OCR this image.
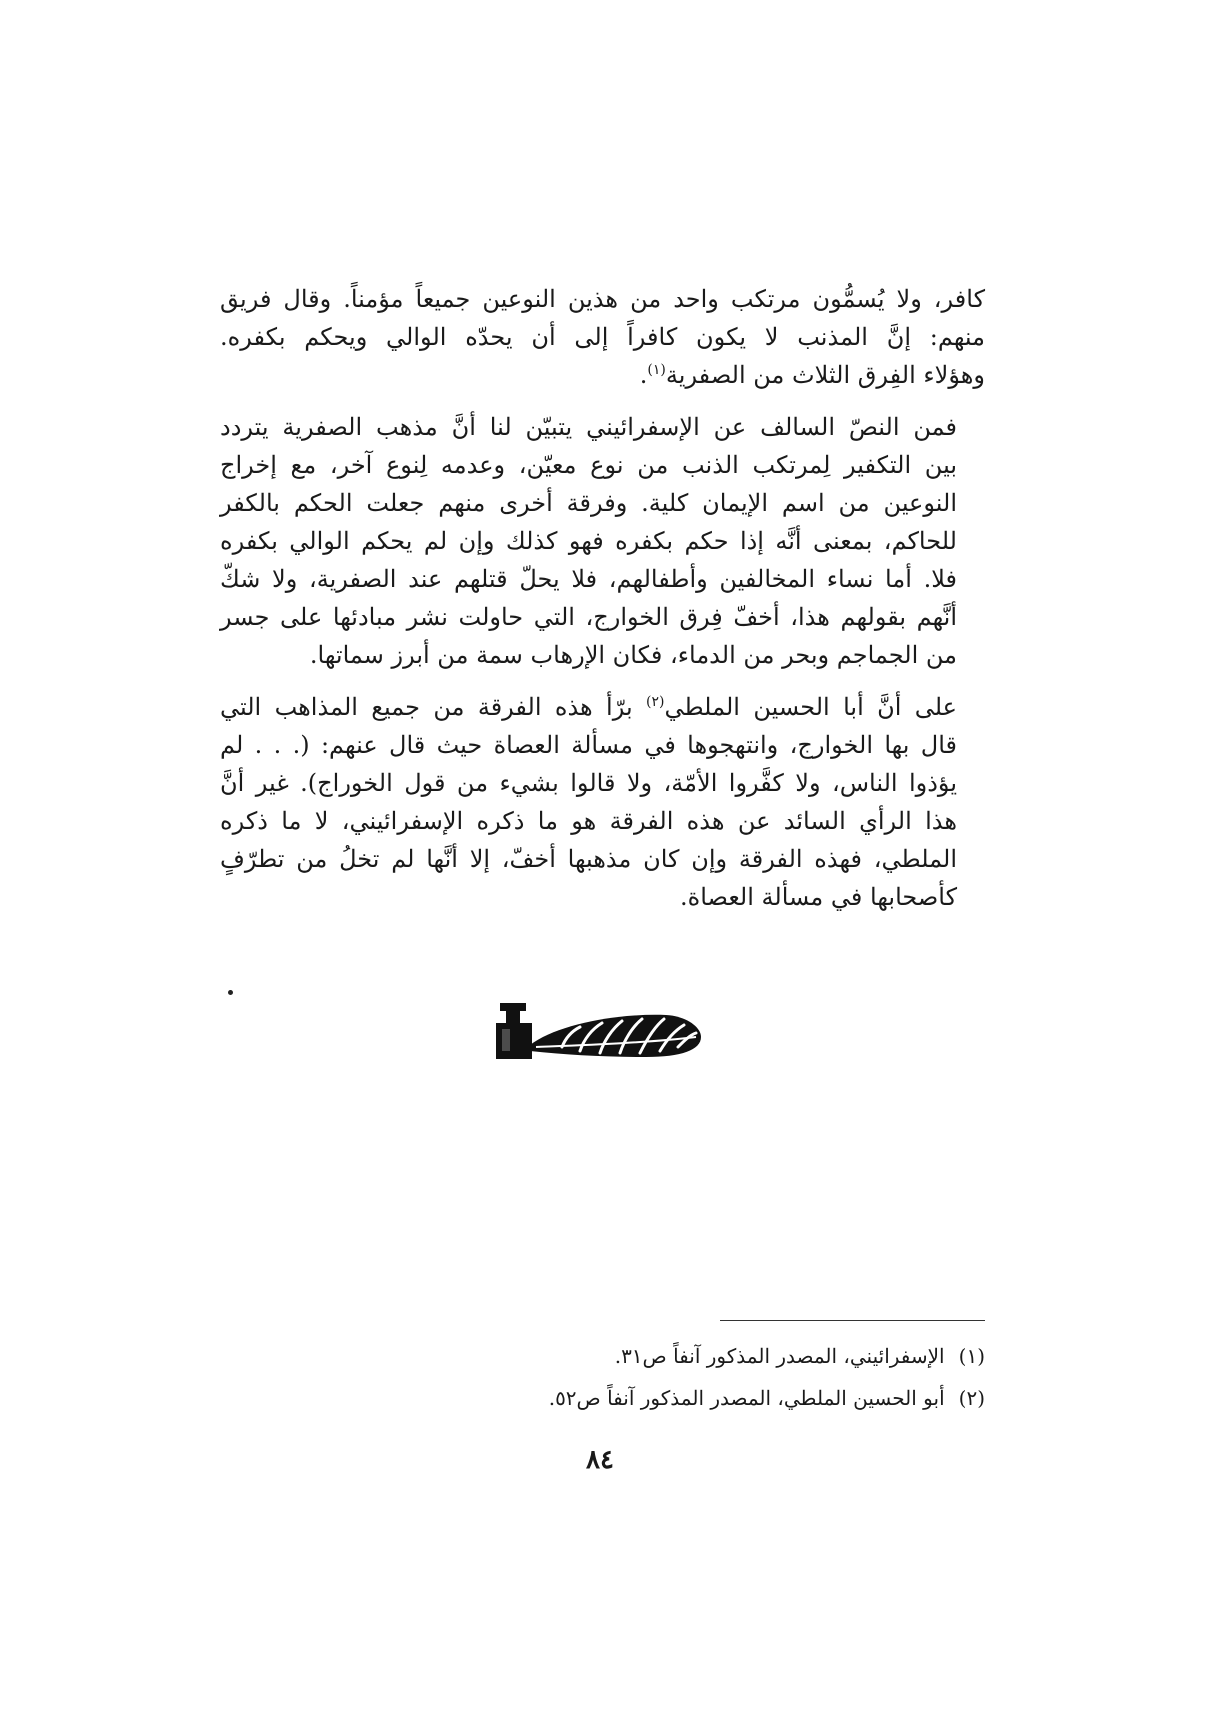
كافر، ولا يُسمُّون مرتكب واحد من هذين النوعين جميعاً مؤمناً. وقال فريق
منهم: إنَّ المذنب لا يكون كافراً إلى أن يحدّه الوالي ويحكم بكفره.
وهؤلاء الفِرق الثلاث من الصفرية$^{(١)}$.
فمن النصّ السالف عن الإسفرائيني يتبيّن لنا أنَّ مذهب الصفرية يتردد
بين التكفير لِمرتكب الذنب من نوع معيّن، وعدمه لِنوع آخر، مع إخراج
النوعين من اسم الإيمان كلية. وفرقة أخرى منهم جعلت الحكم بالكفر
للحاكم، بمعنى أنَّه إذا حكم بكفره فهو كذلك وإن لم يحكم الوالي بكفره
فلا. أما نساء المخالفين وأطفالهم، فلا يحلّ قتلهم عند الصفرية، ولا شكّ
أنَّهم بقولهم هذا، أخفّ فِرق الخوارج، التي حاولت نشر مبادئها على جسر
من الجماجم وبحر من الدماء، فكان الإرهاب سمة من أبرز سماتها.
على أنَّ أبا الحسين الملطي$^{(٢)}$ برّأ هذه الفرقة من جميع المذاهب التي
قال بها الخوارج، وانتهجوها في مسألة العصاة حيث قال عنهم: (. . . لم
يؤذوا الناس، ولا كفَّروا الأمّة، ولا قالوا بشيء من قول الخوراج). غير أنَّ
هذا الرأي السائد عن هذه الفرقة هو ما ذكره الإسفرائيني، لا ما ذكره
الملطي، فهذه الفرقة وإن كان مذهبها أخفّ، إلا أنَّها لم تخلُ من تطرّفٍ
كأصحابها في مسألة العصاة.
(١)الإسفرائيني، المصدر المذكور آنفاً ص٣١.
(٢)أبو الحسين الملطي، المصدر المذكور آنفاً ص٥٢.
٨٤
